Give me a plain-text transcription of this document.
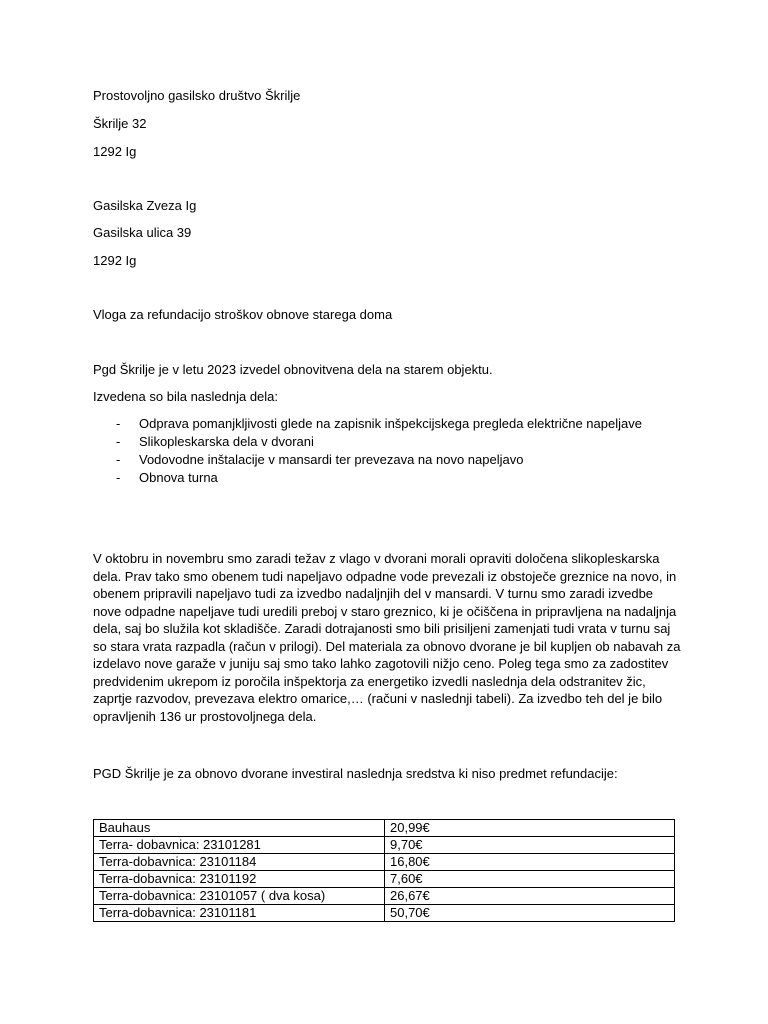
Prostovoljno gasilsko društvo Škrilje

Škrilje 32

1292 Ig

Gasilska Zveza Ig

Gasilska ulica 39

1292 Ig

Vloga za refundacijo stroškov obnove starega doma

Pgd Škrilje je v letu 2023 izvedel obnovitvena dela na starem objektu.

Izvedena so bila naslednja dela:

- Odprava pomanjkljivosti glede na zapisnik inšpekcijskega pregleda električne napeljave
- Slikopleskarska dela v dvorani
- Vodovodne inštalacije v mansardi ter prevezava na novo napeljavo
- Obnova turna

V oktobru in novembru smo zaradi težav z vlago v dvorani morali opraviti določena slikopleskarska dela. Prav tako smo obenem tudi napeljavo odpadne vode prevezali iz obstoječe greznice na novo, in obenem pripravili napeljavo tudi za izvedbo nadaljnjih del v mansardi. V turnu smo zaradi izvedbe nove odpadne napeljave tudi uredili preboj v staro greznico, ki je očiščena in pripravljena na nadaljnja dela, saj bo služila kot skladišče. Zaradi dotrajanosti smo bili prisiljeni zamenjati tudi vrata v turnu saj so stara vrata razpadla (račun v prilogi). Del materiala za obnovo dvorane je bil kupljen ob nabavah za izdelavo nove garaže v juniju saj smo tako lahko zagotovili nižjo ceno. Poleg tega smo za zadostitev predvidenim ukrepom iz poročila inšpektorja za energetiko izvedli naslednja dela odstranitev žic, zaprtje razvodov, prevezava elektro omarice,… (računi v naslednji tabeli). Za izvedbo teh del je bilo opravljenih 136 ur prostovoljnega dela.

PGD Škrilje je za obnovo dvorane investiral naslednja sredstva ki niso predmet refundacije:

Bauhaus	20,99€
Terra- dobavnica: 23101281	9,70€
Terra-dobavnica: 23101184	16,80€
Terra-dobavnica: 23101192	7,60€
Terra-dobavnica: 23101057 ( dva kosa)	26,67€
Terra-dobavnica: 23101181	50,70€
